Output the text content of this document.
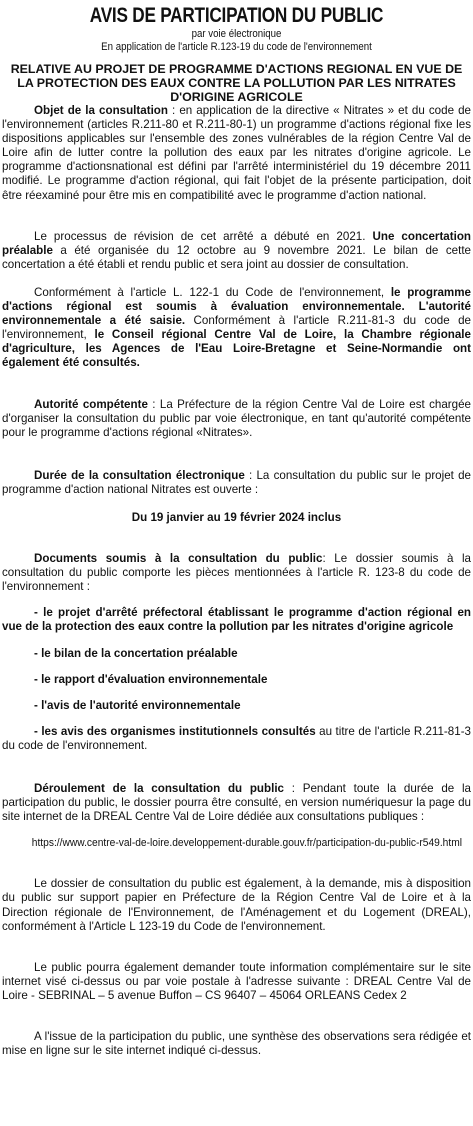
AVIS DE PARTICIPATION DU PUBLIC
par voie électronique
En application de l'article R.123-19 du code de l'environnement
RELATIVE AU PROJET DE PROGRAMME D'ACTIONS REGIONAL EN VUE DE LA PROTECTION DES EAUX CONTRE LA POLLUTION PAR LES NITRATES D'ORIGINE AGRICOLE

Objet de la consultation : en application de la directive « Nitrates » et du code de l'environnement (articles R.211-80 et R.211-80-1) un programme d'actions régional fixe les dispositions applicables sur l'ensemble des zones vulnérables de la région Centre Val de Loire afin de lutter contre la pollution des eaux par les nitrates d'origine agricole. Le programme d'actionsnational est défini par l'arrêté interministériel du 19 décembre 2011 modifié. Le programme d'action régional, qui fait l'objet de la présente participation, doit être réexaminé pour être mis en compatibilité avec le programme d'action national.

Le processus de révision de cet arrêté a débuté en 2021. Une concertation préalable a été organisée du 12 octobre au 9 novembre 2021. Le bilan de cette concertation a été établi et rendu public et sera joint au dossier de consultation.

Conformément à l'article L. 122-1 du Code de l'environnement, le programme d'actions régional est soumis à évaluation environnementale. L'autorité environnementale a été saisie. Conformément à l'article R.211-81-3 du code de l'environnement, le Conseil régional Centre Val de Loire, la Chambre régionale d'agriculture, les Agences de l'Eau Loire-Bretagne et Seine-Normandie ont également été consultés.

Autorité compétente : La Préfecture de la région Centre Val de Loire est chargée d'organiser la consultation du public par voie électronique, en tant qu'autorité compétente pour le programme d'actions régional «Nitrates».

Durée de la consultation électronique : La consultation du public sur le projet de programme d'action national Nitrates est ouverte :

Du 19 janvier au 19 février 2024 inclus

Documents soumis à la consultation du public: Le dossier soumis à la consultation du public comporte les pièces mentionnées à l'article R. 123-8 du code de l'environnement :

- le projet d'arrêté préfectoral établissant le programme d'action régional en vue de la protection des eaux contre la pollution par les nitrates d'origine agricole

- le bilan de la concertation préalable

- le rapport d'évaluation environnementale

- l'avis de l'autorité environnementale

- les avis des organismes institutionnels consultés au titre de l'article R.211-81-3 du code de l'environnement.

Déroulement de la consultation du public : Pendant toute la durée de la participation du public, le dossier pourra être consulté, en version numériquesur la page du site internet de la DREAL Centre Val de Loire dédiée aux consultations publiques :

https://www.centre-val-de-loire.developpement-durable.gouv.fr/participation-du-public-r549.html

Le dossier de consultation du public est également, à la demande, mis à disposition du public sur support papier en Préfecture de la Région Centre Val de Loire et à la Direction régionale de l'Environnement, de l'Aménagement et du Logement (DREAL), conformément à l'Article L 123-19 du Code de l'environnement.

Le public pourra également demander toute information complémentaire sur le site internet visé ci-dessus ou par voie postale à l'adresse suivante : DREAL Centre Val de Loire - SEBRINAL – 5 avenue Buffon – CS 96407 – 45064 ORLEANS Cedex 2

A l'issue de la participation du public, une synthèse des observations sera rédigée et mise en ligne sur le site internet indiqué ci-dessus.
